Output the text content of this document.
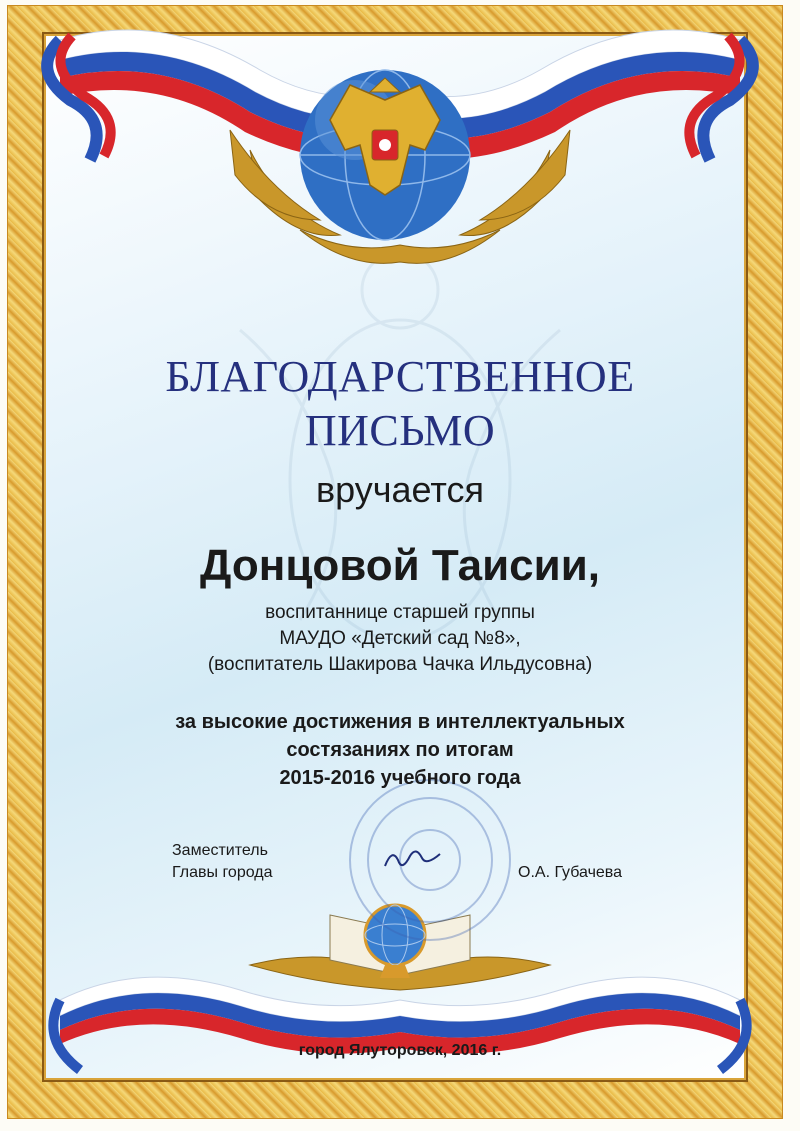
БЛАГОДАРСТВЕННОЕ
ПИСЬМО
вручается
Донцовой Таисии,
воспитаннице старшей группы
МАУДО «Детский сад №8»,
(воспитатель Шакирова Чачка Ильдусовна)
за высокие достижения в интеллектуальных
состязаниях по итогам
2015-2016 учебного года
Заместитель
Главы города	О.А. Губачева
город Ялуторовск, 2016 г.
